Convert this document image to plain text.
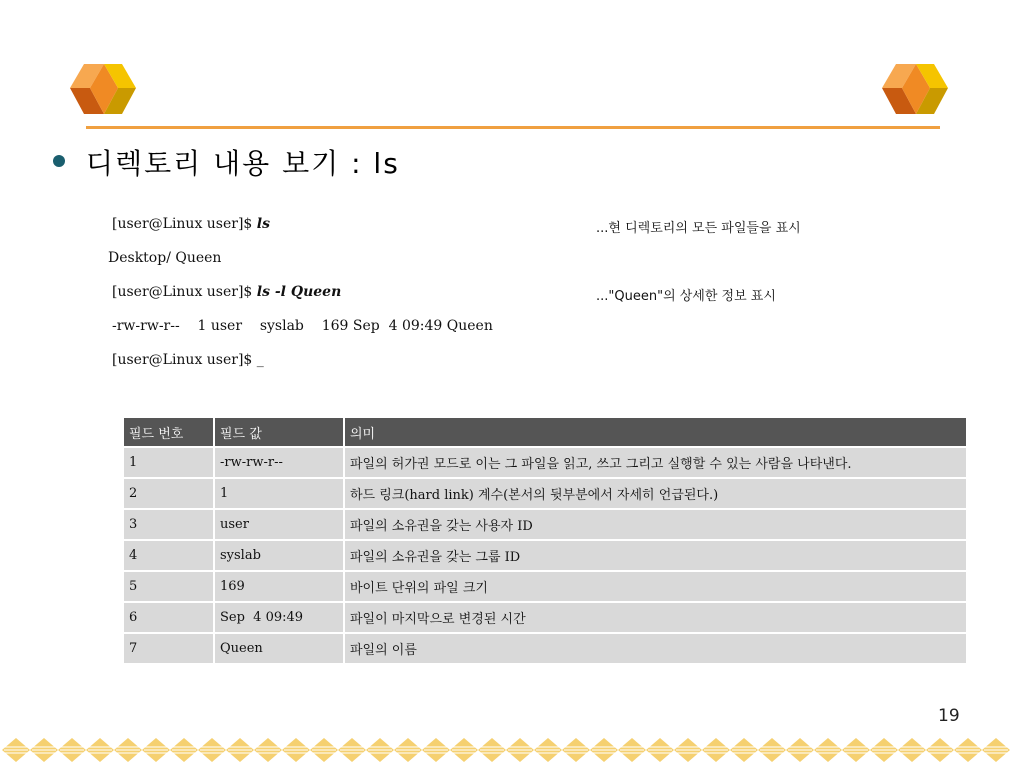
디렉토리 내용 보기 : ls
[user@Linux user]$ ls	...현 디렉토리의 모든 파일들을 표시
Desktop/ Queen
[user@Linux user]$ ls -l Queen	..."Queen"의 상세한 정보 표시
-rw-rw-r--    1 user    syslab    169 Sep  4 09:49 Queen
[user@Linux user]$ _
필드 번호	필드 값	의미
1	-rw-rw-r--	파일의 허가권 모드로 이는 그 파일을 읽고, 쓰고 그리고 실행할 수 있는 사람을 나타낸다.
2	1	하드 링크(hard link) 계수(본서의 뒷부분에서 자세히 언급된다.)
3	user	파일의 소유권을 갖는 사용자 ID
4	syslab	파일의 소유권을 갖는 그룹 ID
5	169	바이트 단위의 파일 크기
6	Sep  4 09:49	파일이 마지막으로 변경된 시간
7	Queen	파일의 이름
19
